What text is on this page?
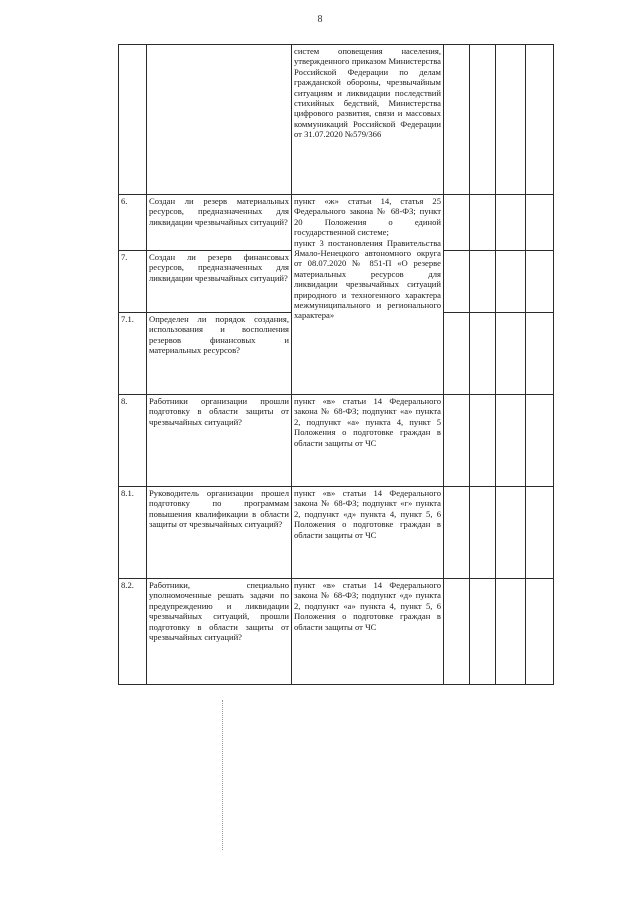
8
		систем оповещения населения, утвержденного приказом Министерства Российской Федерации по делам гражданской обороны, чрезвычайным ситуациям и ликвидации последствий стихийных бедствий, Министерства цифрового развития, связи и массовых коммуникаций Российской Федерации от 31.07.2020 №579/366				
6.	Создан ли резерв материальных ресурсов, предназначенных для ликвидации чрезвычайных ситуаций?	пункт «ж» статьи 14, статья 25 Федерального закона № 68-ФЗ; пункт 20 Положения о единой государственной системе;
пункт 3 постановления Правительства Ямало-Ненецкого автономного округа от 08.07.2020 № 851-П «О резерве материальных ресурсов для ликвидации чрезвычайных ситуаций природного и техногенного характера межмуниципального и регионального характера»				

7.	Создан ли резерв финансовых ресурсов, предназначенных для ликвидации чрезвычайных ситуаций?					
7.1.	Определен ли порядок создания, использования и восполнения резервов финансовых и материальных ресурсов?					
8.	Работники организации прошли подготовку в области защиты от чрезвычайных ситуаций?	пункт «в» статьи 14 Федерального закона № 68-ФЗ; подпункт «а» пункта 2, подпункт «а» пункта 4, пункт 5 Положения о подготовке граждан в области защиты от ЧС				
8.1.	Руководитель организации прошел подготовку по программам повышения квалификации в области защиты от чрезвычайных ситуаций?	пункт «в» статьи 14 Федерального закона № 68-ФЗ; подпункт «г» пункта 2, подпункт «д» пункта 4, пункт 5, 6 Положения о подготовке граждан в области защиты от ЧС				
8.2.	Работники, специально уполномоченные решать задачи по предупреждению и ликвидации чрезвычайных ситуаций, прошли подготовку в области защиты от чрезвычайных ситуаций?	пункт «в» статьи 14 Федерального закона № 68-ФЗ; подпункт «д» пункта 2, подпункт «а» пункта 4, пункт 5, 6 Положения о подготовке граждан в области защиты от ЧС				
